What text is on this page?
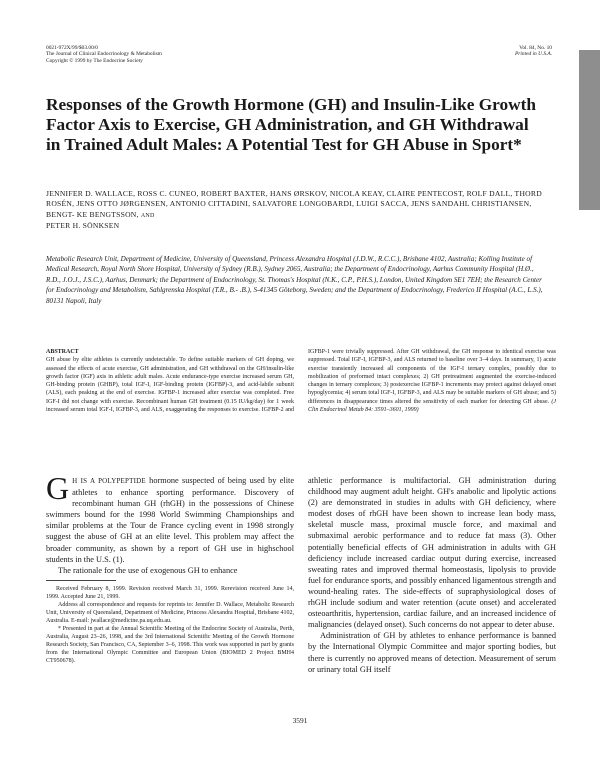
0021-972X/99/$03.00/0
The Journal of Clinical Endocrinology & Metabolism
Copyright © 1999 by The Endocrine Society
Vol. 84, No. 10
Printed in U.S.A.
Responses of the Growth Hormone (GH) and Insulin-Like Growth Factor Axis to Exercise, GH Administration, and GH Withdrawal in Trained Adult Males: A Potential Test for GH Abuse in Sport*
JENNIFER D. WALLACE, ROSS C. CUNEO, ROBERT BAXTER, HANS ØRSKOV, NICOLA KEAY, CLAIRE PENTECOST, ROLF DALL, THORD ROSÉN, JENS OTTO JØRGENSEN, ANTONIO CITTADINI, SALVATORE LONGOBARDI, LUIGI SACCA, JENS SANDAHL CHRISTIANSEN, BENGT- KE BENGTSSON, AND
PETER H. SÖNKSEN
Metabolic Research Unit, Department of Medicine, University of Queensland, Princess Alexandra Hospital (J.D.W., R.C.C.), Brisbane 4102, Australia; Kolling Institute of Medical Research, Royal North Shore Hospital, University of Sydney (R.B.), Sydney 2065, Australia; the Department of Endocrinology, Aarhus Community Hospital (H.Ø., R.D., J.O.J., J.S.C.), Aarhus, Denmark; the Department of Endocrinology, St. Thomas's Hospital (N.K., C.P., P.H.S.), London, United Kingdom SE1 7EH; the Research Center for Endocrinology and Metabolism, Sahlgrenska Hospital (T.R., B.- .B.), S-41345 Göteborg, Sweden; and the Department of Endocrinology, Frederico II Hospital (A.C., L.S.), 80131 Napoli, Italy
ABSTRACT
GH abuse by elite athletes is currently undetectable. To define suitable markers of GH doping, we assessed the effects of acute exercise, GH administration, and GH withdrawal on the GH/insulin-like growth factor (IGF) axis in athletic adult males. Acute endurance-type exercise increased serum GH, GH-binding protein (GHBP), total IGF-I, IGF-binding protein (IGFBP)-3, and acid-labile subunit (ALS), each peaking at the end of exercise. IGFBP-1 increased after exercise was completed. Free IGF-I did not change with exercise. Recombinant human GH treatment (0.15 IU/kg/day) for 1 week increased serum total IGF-I, IGFBP-3, and ALS, exaggerating the responses to exercise. IGFBP-2 and IGFBP-1 were trivially suppressed. After GH withdrawal, the GH response to identical exercise was suppressed. Total IGF-I, IGFBP-3, and ALS returned to baseline over 3–4 days. In summary, 1) acute exercise transiently increased all components of the IGF-I ternary complex, possibly due to mobilization of preformed intact complexes; 2) GH pretreatment augmented the exercise-induced changes in ternary complexes; 3) postexercise IGFBP-1 increments may protect against delayed onset hypoglycemia; 4) serum total IGF-I, IGFBP-3, and ALS may be suitable markers of GH abuse; and 5) differences in disappearance times altered the sensitivity of each marker for detecting GH abuse. (J Clin Endocrinol Metab 84: 3591–3601, 1999)

G H IS A POLYPEPTIDE hormone suspected of being used by elite athletes to enhance sporting performance. Discovery of recombinant human GH (rhGH) in the possessions of Chinese swimmers bound for the 1998 World Swimming Championships and similar problems at the Tour de France cycling event in 1998 strongly suggest the abuse of GH at an elite level. This problem may affect the broader community, as shown by a report of GH use in highschool students in the U.S. (1).

The rationale for the use of exogenous GH to enhance

Received February 8, 1999. Revision received March 31, 1999. Rerevision received June 14, 1999. Accepted June 21, 1999.

Address all correspondence and requests for reprints to: Jennifer D. Wallace, Metabolic Research Unit, University of Queensland, Department of Medicine, Princess Alexandra Hospital, Brisbane 4102, Australia. E-mail: jwallace@medicine.pa.uq.edu.au.

* Presented in part at the Annual Scientific Meeting of the Endocrine Society of Australia, Perth, Australia, August 23–26, 1998, and the 3rd International Scientific Meeting of the Growth Hormone Research Society, San Francisco, CA, September 3–6, 1998. This work was supported in part by grants from the International Olympic Committee and European Union (BIOMED 2 Project BMH4 CT950678).

athletic performance is multifactorial. GH administration during childhood may augment adult height. GH's anabolic and lipolytic actions (2) are demonstrated in studies in adults with GH deficiency, where modest doses of rhGH have been shown to increase lean body mass, skeletal muscle mass, proximal muscle force, and maximal and submaximal aerobic performance and to reduce fat mass (3). Other potentially beneficial effects of GH administration in adults with GH deficiency include increased cardiac output during exercise, increased sweating rates and improved thermal homeostasis, lipolysis to provide fuel for endurance sports, and possibly enhanced ligamentous strength and wound-healing rates. The side-effects of supraphysiological doses of rhGH include sodium and water retention (acute onset) and accelerated osteoarthritis, hypertension, cardiac failure, and an increased incidence of malignancies (delayed onset). Such concerns do not appear to deter abuse.

Administration of GH by athletes to enhance performance is banned by the International Olympic Committee and major sporting bodies, but there is currently no approved means of detection. Measurement of serum or urinary total GH itself

3591
